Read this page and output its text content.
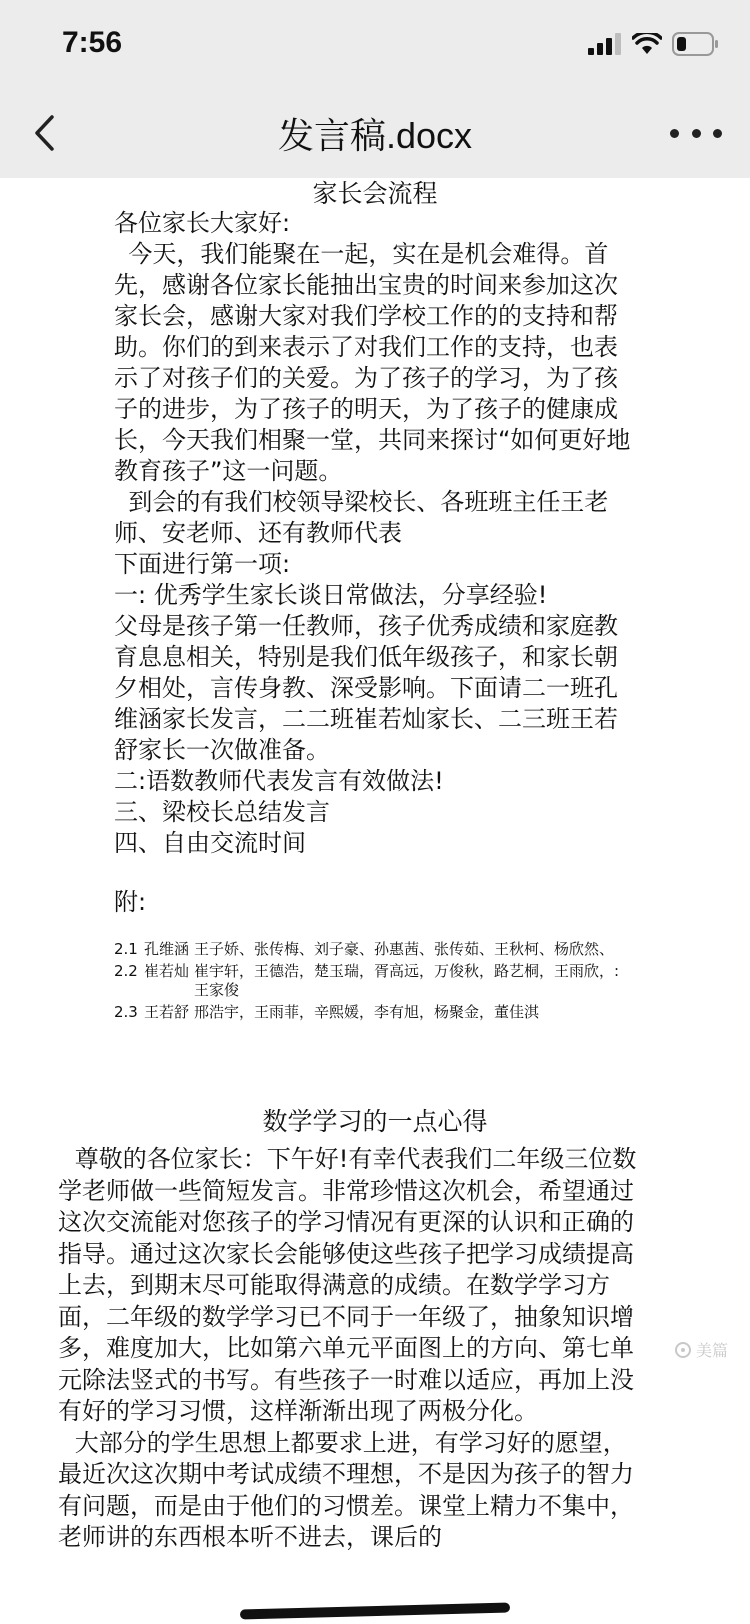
7:56
发言稿.docx
家长会流程

各位家长大家好:

今天，我们能聚在一起，实在是机会难得。首先，感谢各位家长能抽出宝贵的时间来参加这次家长会，感谢大家对我们学校工作的的支持和帮助。你们的到来表示了对我们工作的支持，也表示了对孩子们的关爱。为了孩子的学习，为了孩子的进步，为了孩子的明天，为了孩子的健康成长，今天我们相聚一堂，共同来探讨“如何更好地教育孩子”这一问题。

到会的有我们校领导梁校长、各班班主任王老师、安老师、还有教师代表

下面进行第一项:

一: 优秀学生家长谈日常做法，分享经验!

父母是孩子第一任教师，孩子优秀成绩和家庭教育息息相关，特别是我们低年级孩子，和家长朝夕相处，言传身教、深受影响。下面请二一班孔维涵家长发言，二二班崔若灿家长、二三班王若舒家长一次做准备。

二:语数教师代表发言有效做法!

三、梁校长总结发言

四、自由交流时间

附:

2.1 孔维涵 王子娇、张传梅、刘子豪、孙惠茜、张传茹、王秋柯、杨欣然、
2.2 崔若灿 崔宇轩，王德浩，楚玉瑞，胥高远，万俊秋，路艺桐，王雨欣，:王家俊
2.3 王若舒 邢浩宇，王雨菲，辛熙媛，李有旭，杨聚金，董佳淇
数学学习的一点心得

尊敬的各位家长：下午好!有幸代表我们二年级三位数学老师做一些简短发言。非常珍惜这次机会，希望通过这次交流能对您孩子的学习情况有更深的认识和正确的指导。通过这次家长会能够使这些孩子把学习成绩提高上去，到期末尽可能取得满意的成绩。在数学学习方面，二年级的数学学习已不同于一年级了，抽象知识增多，难度加大，比如第六单元平面图上的方向、第七单元除法竖式的书写。有些孩子一时难以适应，再加上没有好的学习习惯，这样渐渐出现了两极分化。

大部分的学生思想上都要求上进，有学习好的愿望，最近次这次期中考试成绩不理想，不是因为孩子的智力有问题，而是由于他们的习惯差。课堂上精力不集中，老师讲的东西根本听不进去，课后的

美篇
